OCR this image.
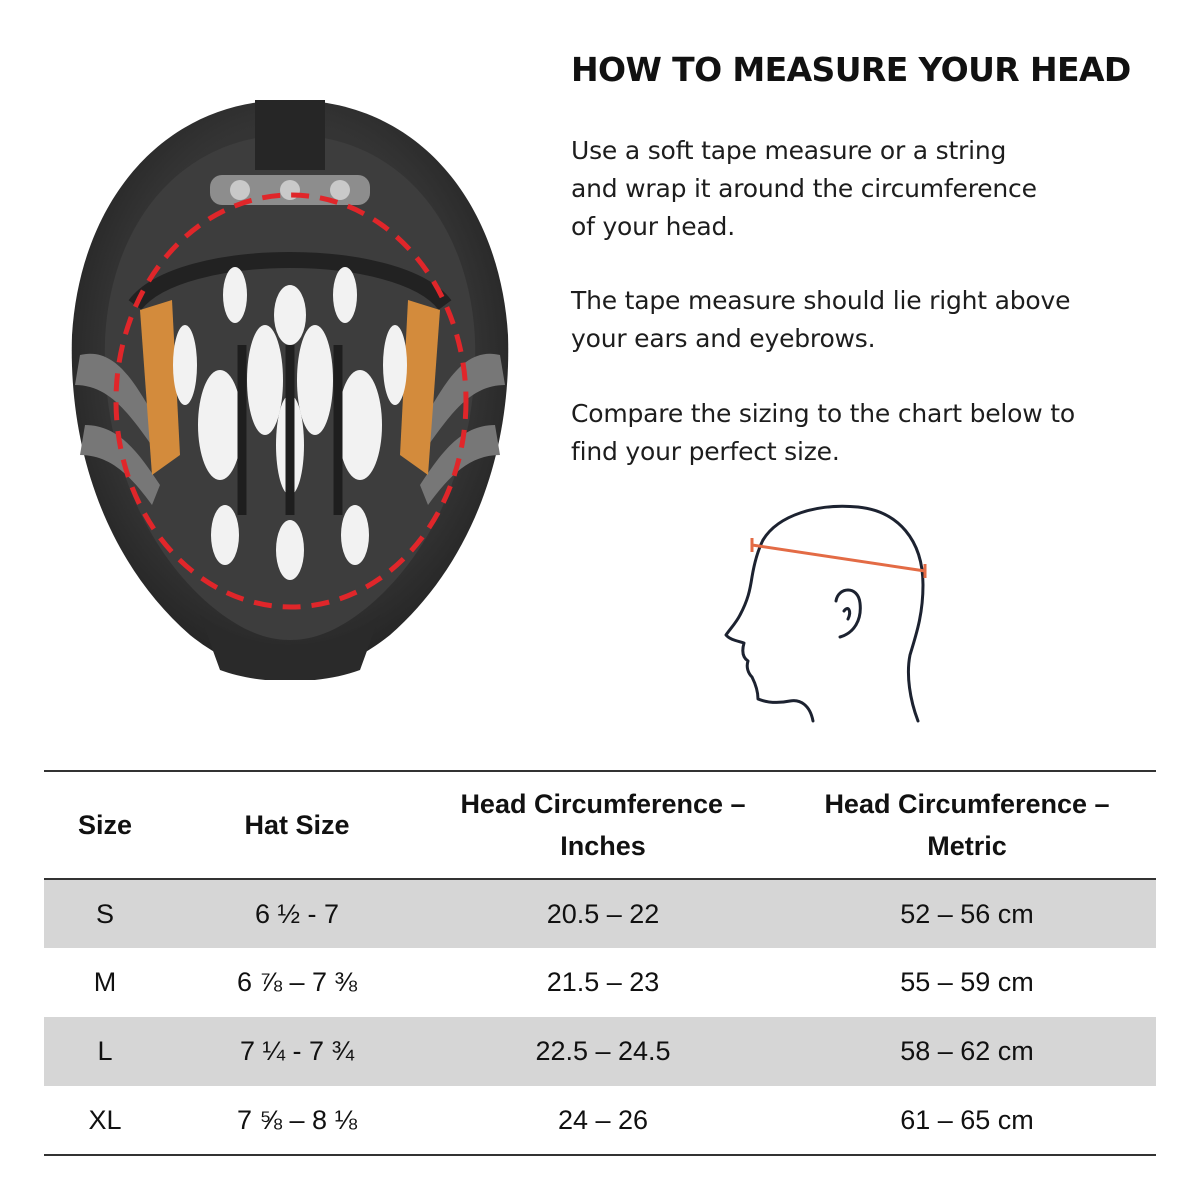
HOW TO MEASURE YOUR HEAD

Use a soft tape measure or a string
and wrap it around the circumference
of your head.

The tape measure should lie right above
your ears and eyebrows.

Compare the sizing to the chart below to
find your perfect size.

Size	Hat Size	Head Circumference – Inches	Head Circumference – Metric

S	6 ½ - 7	20.5 – 22	52 – 56 cm
M	6 ⅞ – 7 ⅜	21.5 – 23	55 – 59 cm
L	7 ¼ - 7 ¾	22.5 – 24.5	58 – 62 cm
XL	7 ⅝ – 8 ⅛	24 – 26	61 – 65 cm
